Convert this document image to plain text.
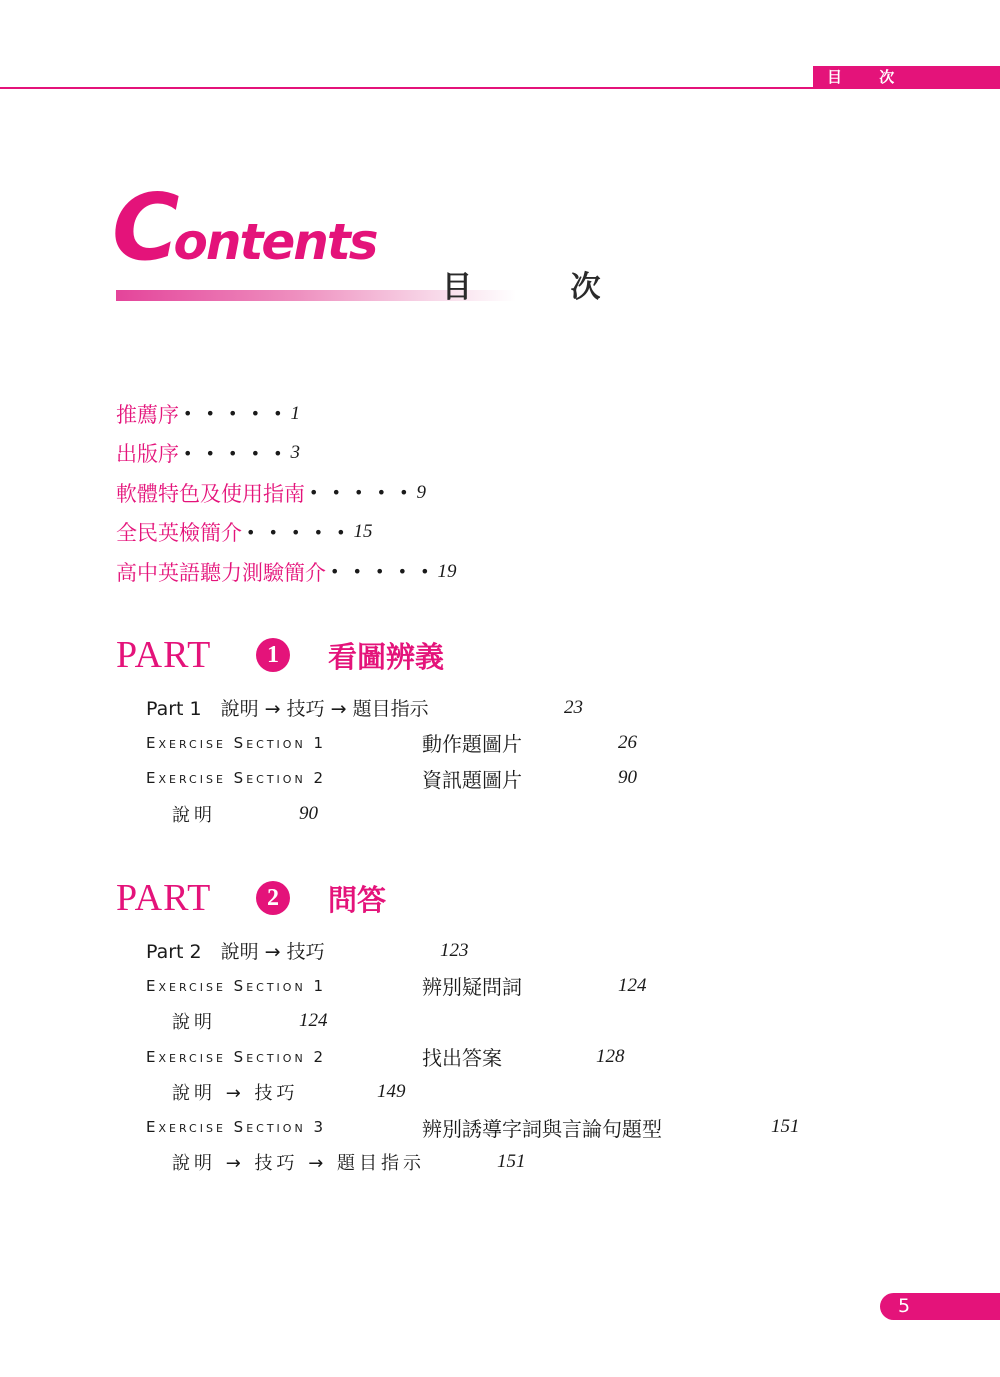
目 次
Contents
目 次
推薦序 • • • • • 1
出版序 • • • • • 3
軟體特色及使用指南 • • • • • 9
全民英檢簡介 • • • • • 15
高中英語聽力測驗簡介 • • • • • 19
PART	1	看圖辨義
Part 1　說明 → 技巧 → 題目指示	23
Exercise Section 1	動作題圖片	26
Exercise Section 2	資訊題圖片	90
說明	90
PART	2	問答
Part 2　說明 → 技巧	123
Exercise Section 1	辨別疑問詞	124
說明	124
Exercise Section 2	找出答案	128
說明 → 技巧	149
Exercise Section 3	辨別誘導字詞與言論句題型	151
說明 → 技巧 → 題目指示	151
5
